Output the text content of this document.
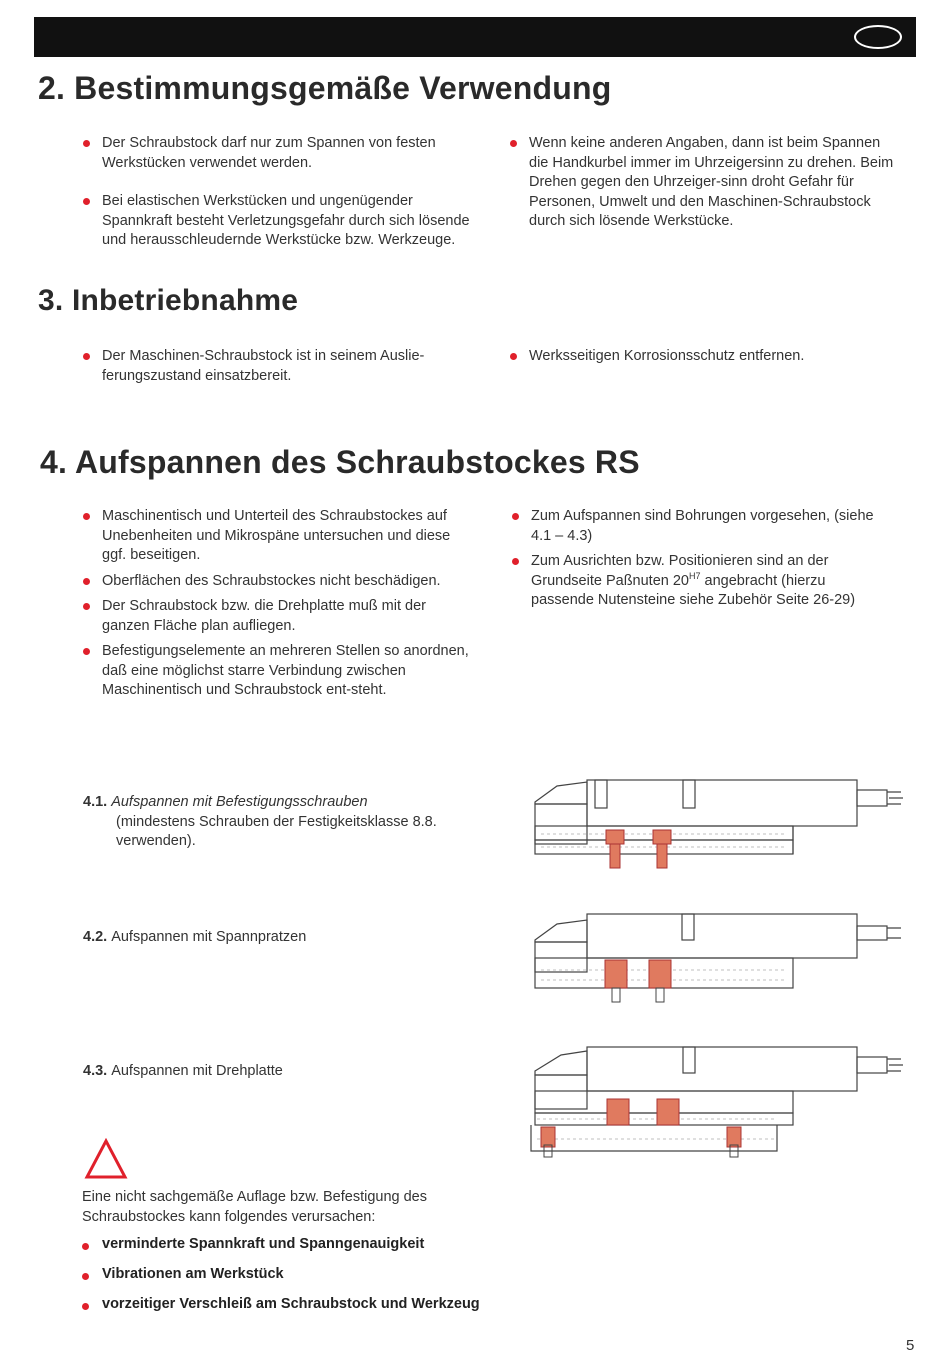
2. Bestimmungsgemäße Verwendung
Der Schraubstock darf nur zum Spannen von festen Werkstücken verwendet werden.
Bei elastischen Werkstücken und ungenügender Spannkraft besteht Verletzungsgefahr durch sich lösende und herausschleudernde Werkstücke bzw. Werkzeuge.
Wenn keine anderen Angaben, dann ist beim Spannen die Handkurbel immer im Uhrzeigersinn zu drehen. Beim Drehen gegen den Uhrzeiger-sinn droht Gefahr für Personen, Umwelt und den Maschinen-Schraubstock durch sich lösende Werkstücke.
3. Inbetriebnahme
Der Maschinen-Schraubstock ist in seinem Auslie-ferungszustand einsatzbereit.
Werksseitigen Korrosionsschutz entfernen.
4. Aufspannen des Schraubstockes RS
Maschinentisch und Unterteil des Schraubstockes auf Unebenheiten und Mikrospäne untersuchen und diese ggf. beseitigen.
Oberflächen des Schraubstockes nicht beschädigen.
Der Schraubstock bzw. die Drehplatte muß mit der ganzen Fläche plan aufliegen.
Befestigungselemente an mehreren Stellen so anordnen, daß eine möglichst starre Verbindung zwischen Maschinentisch und Schraubstock ent-steht.
Zum Aufspannen sind Bohrungen vorgesehen, (siehe 4.1 – 4.3)
Zum Ausrichten bzw. Positionieren sind an der Grundseite Paßnuten $20^{H7}$ angebracht (hierzu passende Nutensteine siehe Zubehör Seite 26-29)
4.1. Aufspannen mit Befestigungsschrauben
(mindestens Schrauben der Festigkeitsklasse 8.8. verwenden).
4.2. Aufspannen mit Spannpratzen
4.3. Aufspannen mit Drehplatte
Eine nicht sachgemäße Auflage bzw. Befestigung des Schraubstockes kann folgendes verursachen:
verminderte Spannkraft und Spanngenauigkeit
Vibrationen am Werkstück
vorzeitiger Verschleiß am Schraubstock und Werkzeug
5
